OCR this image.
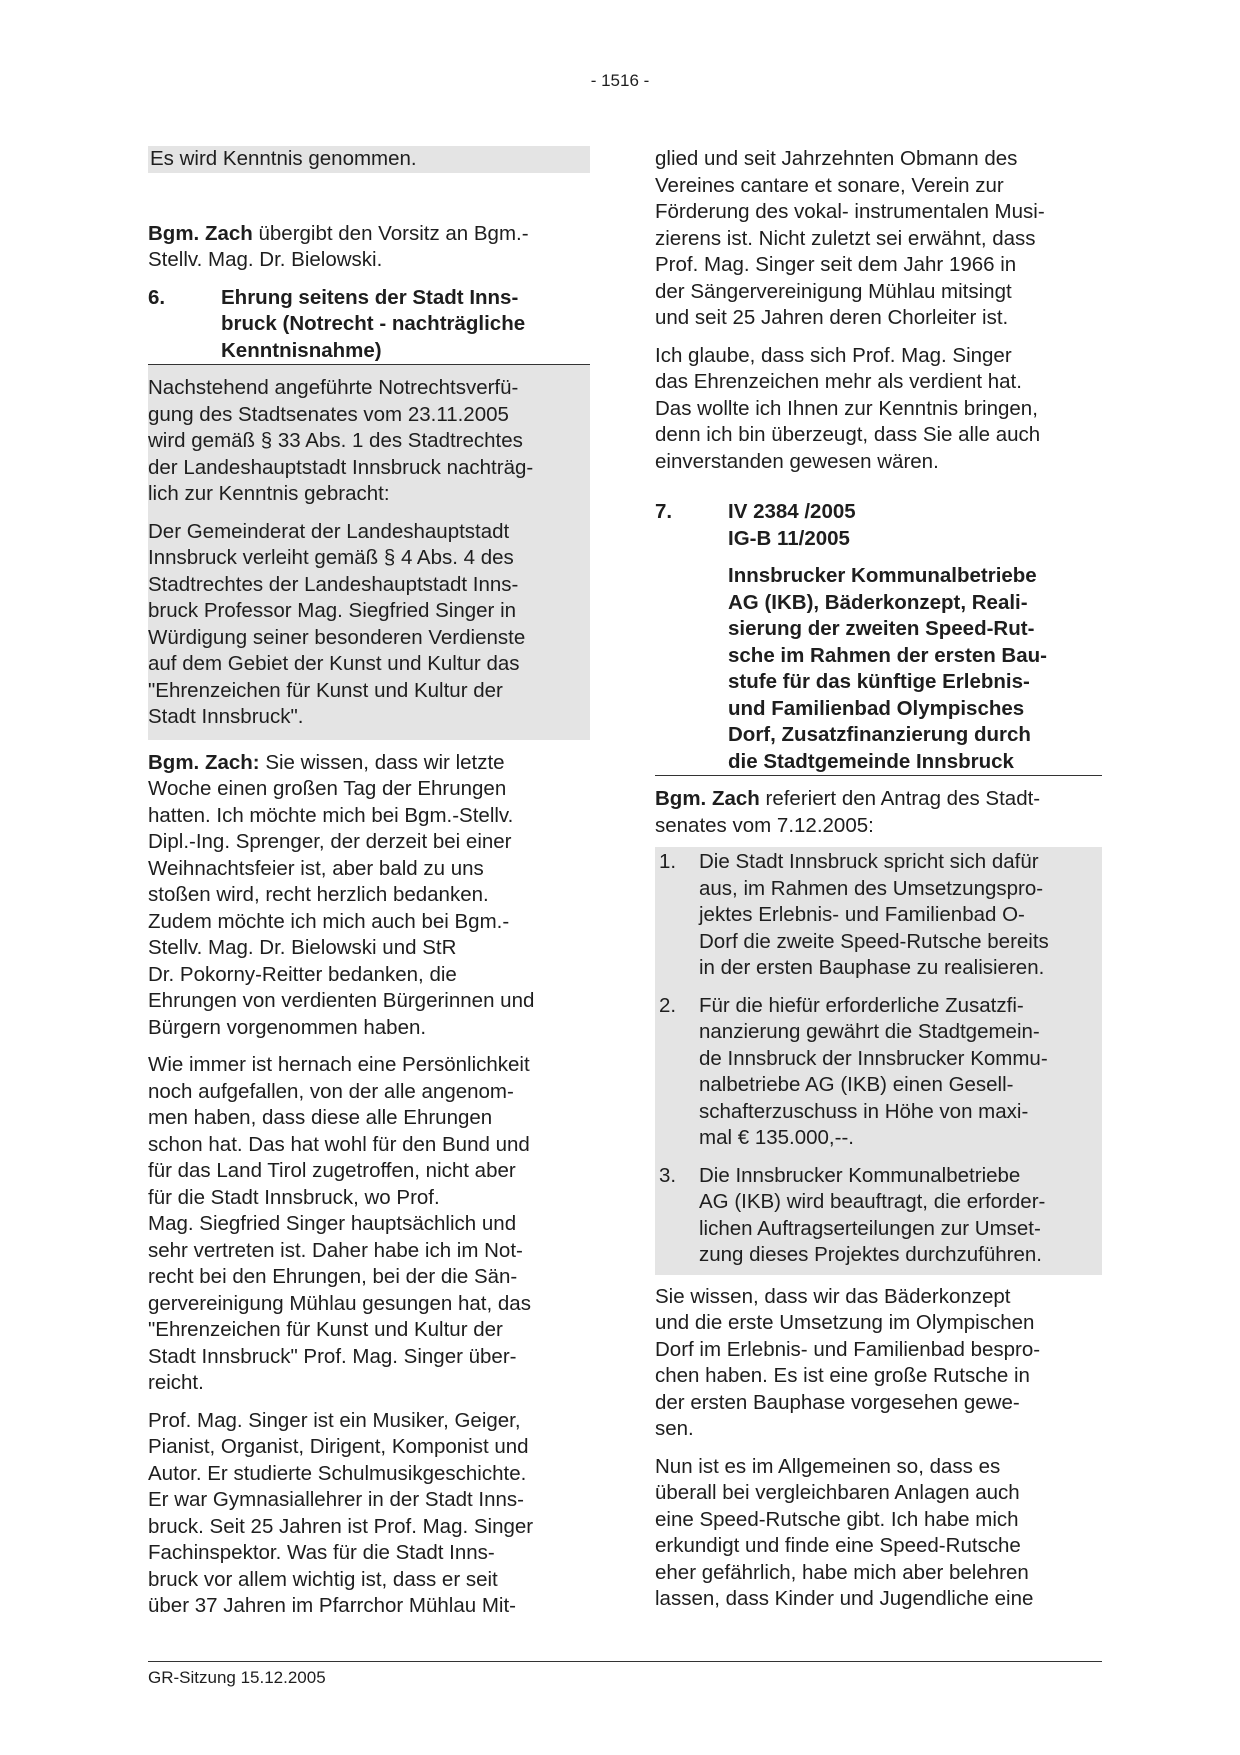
- 1516 -

Es wird Kenntnis genommen.

Bgm. Zach übergibt den Vorsitz an Bgm.-
Stellv. Mag. Dr. Bielowski.

6.	Ehrung seitens der Stadt Inns-
bruck (Notrecht - nachträgliche
Kenntnisnahme)

Nachstehend angeführte Notrechtsverfü-
gung des Stadtsenates vom 23.11.2005
wird gemäß § 33 Abs. 1 des Stadtrechtes
der Landeshauptstadt Innsbruck nachträg-
lich zur Kenntnis gebracht:

Der Gemeinderat der Landeshauptstadt
Innsbruck verleiht gemäß § 4 Abs. 4 des
Stadtrechtes der Landeshauptstadt Inns-
bruck Professor Mag. Siegfried Singer in
Würdigung seiner besonderen Verdienste
auf dem Gebiet der Kunst und Kultur das
"Ehrenzeichen für Kunst und Kultur der
Stadt Innsbruck".

Bgm. Zach: Sie wissen, dass wir letzte
Woche einen großen Tag der Ehrungen
hatten. Ich möchte mich bei Bgm.-Stellv.
Dipl.-Ing. Sprenger, der derzeit bei einer
Weihnachtsfeier ist, aber bald zu uns
stoßen wird, recht herzlich bedanken.
Zudem möchte ich mich auch bei Bgm.-
Stellv. Mag. Dr. Bielowski und StR
Dr. Pokorny-Reitter bedanken, die
Ehrungen von verdienten Bürgerinnen und
Bürgern vorgenommen haben.

Wie immer ist hernach eine Persönlichkeit
noch aufgefallen, von der alle angenom-
men haben, dass diese alle Ehrungen
schon hat. Das hat wohl für den Bund und
für das Land Tirol zugetroffen, nicht aber
für die Stadt Innsbruck, wo Prof.
Mag. Siegfried Singer hauptsächlich und
sehr vertreten ist. Daher habe ich im Not-
recht bei den Ehrungen, bei der die Sän-
gervereinigung Mühlau gesungen hat, das
"Ehrenzeichen für Kunst und Kultur der
Stadt Innsbruck" Prof. Mag. Singer über-
reicht.

Prof. Mag. Singer ist ein Musiker, Geiger,
Pianist, Organist, Dirigent, Komponist und
Autor. Er studierte Schulmusikgeschichte.
Er war Gymnasiallehrer in der Stadt Inns-
bruck. Seit 25 Jahren ist Prof. Mag. Singer
Fachinspektor. Was für die Stadt Inns-
bruck vor allem wichtig ist, dass er seit
über 37 Jahren im Pfarrchor Mühlau Mit-

glied und seit Jahrzehnten Obmann des
Vereines cantare et sonare, Verein zur
Förderung des vokal- instrumentalen Musi-
zierens ist. Nicht zuletzt sei erwähnt, dass
Prof. Mag. Singer seit dem Jahr 1966 in
der Sängervereinigung Mühlau mitsingt
und seit 25 Jahren deren Chorleiter ist.

Ich glaube, dass sich Prof. Mag. Singer
das Ehrenzeichen mehr als verdient hat.
Das wollte ich Ihnen zur Kenntnis bringen,
denn ich bin überzeugt, dass Sie alle auch
einverstanden gewesen wären.

7.	IV 2384 /2005
IG-B 11/2005
Innsbrucker Kommunalbetriebe
AG (IKB), Bäderkonzept, Reali-
sierung der zweiten Speed-Rut-
sche im Rahmen der ersten Bau-
stufe für das künftige Erlebnis-
und Familienbad Olympisches
Dorf, Zusatzfinanzierung durch
die Stadtgemeinde Innsbruck

Bgm. Zach referiert den Antrag des Stadt-
senates vom 7.12.2005:

1.	Die Stadt Innsbruck spricht sich dafür
aus, im Rahmen des Umsetzungspro-
jektes Erlebnis- und Familienbad O-
Dorf die zweite Speed-Rutsche bereits
in der ersten Bauphase zu realisieren.
2.	Für die hiefür erforderliche Zusatzfi-
nanzierung gewährt die Stadtgemein-
de Innsbruck der Innsbrucker Kommu-
nalbetriebe AG (IKB) einen Gesell-
schafterzuschuss in Höhe von maxi-
mal € 135.000,--.
3.	Die Innsbrucker Kommunalbetriebe
AG (IKB) wird beauftragt, die erforder-
lichen Auftragserteilungen zur Umset-
zung dieses Projektes durchzuführen.

Sie wissen, dass wir das Bäderkonzept
und die erste Umsetzung im Olympischen
Dorf im Erlebnis- und Familienbad bespro-
chen haben. Es ist eine große Rutsche in
der ersten Bauphase vorgesehen gewe-
sen.

Nun ist es im Allgemeinen so, dass es
überall bei vergleichbaren Anlagen auch
eine Speed-Rutsche gibt. Ich habe mich
erkundigt und finde eine Speed-Rutsche
eher gefährlich, habe mich aber belehren
lassen, dass Kinder und Jugendliche eine

GR-Sitzung 15.12.2005
